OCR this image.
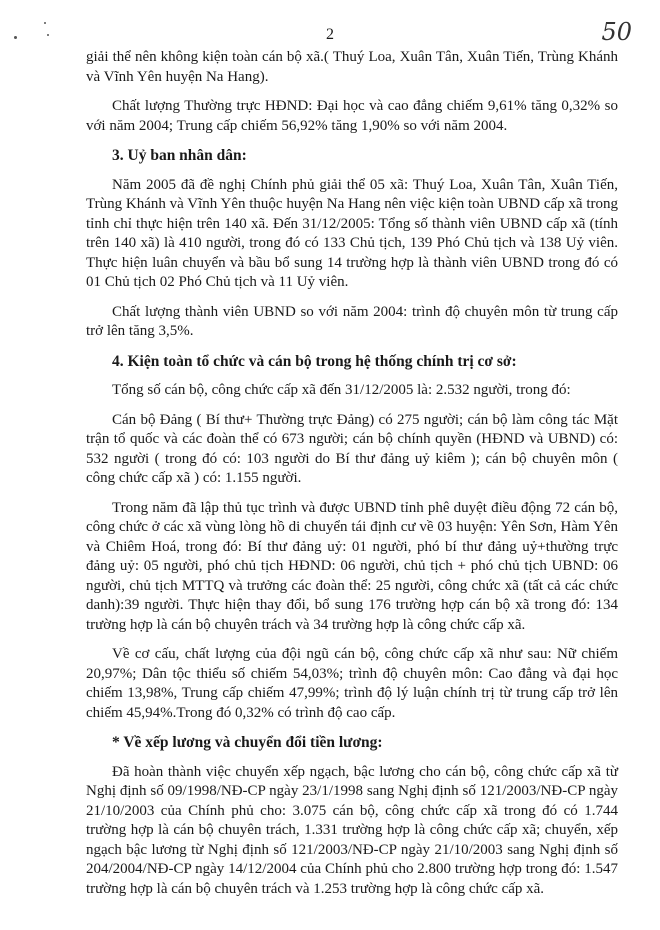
2	50

giải thể nên không kiện toàn cán bộ xã.( Thuý Loa, Xuân Tân, Xuân Tiến, Trùng Khánh và Vĩnh Yên huyện Na Hang).

Chất lượng Thường trực HĐND: Đại học và cao đẳng chiếm 9,61% tăng 0,32% so với năm 2004; Trung cấp chiếm 56,92% tăng 1,90% so với năm 2004.

3. Uỷ ban nhân dân:

Năm 2005 đã đề nghị Chính phủ giải thể 05 xã: Thuý Loa, Xuân Tân, Xuân Tiến, Trùng Khánh và Vĩnh Yên thuộc huyện Na Hang nên việc kiện toàn UBND cấp xã trong tỉnh chỉ thực hiện trên 140 xã. Đến 31/12/2005: Tổng số thành viên UBND cấp xã (tính trên 140 xã) là 410 người, trong đó có 133 Chủ tịch, 139 Phó Chủ tịch và 138 Uỷ viên. Thực hiện luân chuyển và bầu bổ sung 14 trường hợp là thành viên UBND trong đó có 01 Chủ tịch 02 Phó Chủ tịch và 11 Uỷ viên.

Chất lượng thành viên UBND so với năm 2004: trình độ chuyên môn từ trung cấp trở lên tăng 3,5%.

4. Kiện toàn tổ chức và cán bộ trong hệ thống chính trị cơ sở:

Tổng số cán bộ, công chức cấp xã đến 31/12/2005 là: 2.532 người, trong đó:

Cán bộ Đảng ( Bí thư+ Thường trực Đảng) có 275 người; cán bộ làm công tác Mặt trận tổ quốc và các đoàn thể có 673 người; cán bộ chính quyền (HĐND và UBND) có: 532 người ( trong đó có: 103 người do Bí thư đảng uỷ kiêm ); cán bộ chuyên môn ( công chức cấp xã ) có: 1.155 người.

Trong năm đã lập thủ tục trình và được UBND tỉnh phê duyệt điều động 72 cán bộ, công chức ở các xã vùng lòng hồ di chuyển tái định cư về 03 huyện: Yên Sơn, Hàm Yên và Chiêm Hoá, trong đó: Bí thư đảng uỷ: 01 người, phó bí thư đảng uỷ+thường trực đảng uỷ: 05 người, phó chủ tịch HĐND: 06 người, chủ tịch + phó chủ tịch UBND: 06 người, chủ tịch MTTQ và trưởng các đoàn thể: 25 người, công chức xã (tất cả các chức danh):39 người. Thực hiện thay đổi, bổ sung 176 trường hợp cán bộ xã trong đó: 134 trường hợp là cán bộ chuyên trách và 34 trường hợp là công chức cấp xã.

Về cơ cấu, chất lượng của đội ngũ cán bộ, công chức cấp xã như sau: Nữ chiếm 20,97%; Dân tộc thiểu số chiếm 54,03%; trình độ chuyên môn: Cao đẳng và đại học chiếm 13,98%, Trung cấp chiếm 47,99%; trình độ lý luận chính trị từ trung cấp trở lên chiếm 45,94%.Trong đó 0,32% có trình độ cao cấp.

* Về xếp lương và chuyển đổi tiền lương:

Đã hoàn thành việc chuyển xếp ngạch, bậc lương cho cán bộ, công chức cấp xã từ Nghị định số 09/1998/NĐ-CP ngày 23/1/1998 sang Nghị định số 121/2003/NĐ-CP ngày 21/10/2003 của Chính phủ cho: 3.075 cán bộ, công chức cấp xã trong đó có 1.744 trường hợp là cán bộ chuyên trách, 1.331 trường hợp là công chức cấp xã; chuyển, xếp ngạch bậc lương từ Nghị định số 121/2003/NĐ-CP ngày 21/10/2003 sang Nghị định số 204/2004/NĐ-CP ngày 14/12/2004 của Chính phủ cho 2.800 trường hợp trong đó: 1.547 trường hợp là cán bộ chuyên trách và 1.253 trường hợp là công chức cấp xã.
